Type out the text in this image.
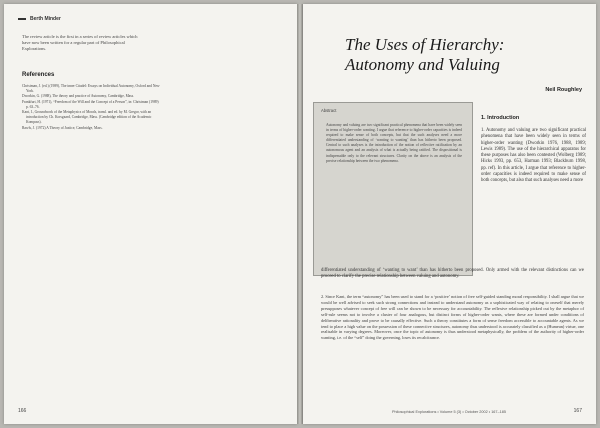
Berth Minder
The review article is the first in a series of review articles which have now been written for a regular part of Philosophical Explorations.
References
Christman, J. (ed.) (1989), The inner Citadel: Essays on Individual Autonomy, Oxford and New York.
Dworkin, G. (1988), The theory and practice of Autonomy, Cambridge, Mass.
Frankfurt, H. (1971), “Freedom of the Will and the Concept of a Person”, in: Christman (1989) p. 63–76.
Kant, I., Groundwork of the Metaphysics of Morals, transl. and ed. by M. Gregor, with an introduction by Ch. Korsgaard, Cambridge, Mass. (Cambridge edition of the Academic Kompass).
Rawls, J. (1972) A Theory of Justice, Cambridge, Mass.
166
The Uses of Hierarchy:
Autonomy and Valuing
Neil Roughley
Abstract
Autonomy and valuing are two significant practical phenomena that have been widely seen in terms of higher-order wanting. I argue that reference to higher-order capacities is indeed required to make sense of both concepts, but that the such analyses need a more differentiated understanding of ‘wanting to wanting’ than has hitherto been proposed. Central to such analyses is the introduction of the notion of reflective ratification by an autonomous agent and an analysis of what is actually being ratified. The dispositional is indispensable only to the relevant structures. Clarity on the above is an analysis of the precise relationship between the two phenomena.
1. Introduction
1. Autonomy and valuing are two significant practical phenomena that have been widely seen in terms of higher-order wanting (Dworkin 1976, 1988, 1989; Lewis 1989). The use of the hierarchical apparatus for these purposes has also been contested (Wolberg 1989; Hicks 1993, pp. 653, Harman 1993; Blackburn 1998, pp. ref). In this article, I argue that reference to higher-order capacities is indeed required to make sense of both concepts, but also that such analyses need a more
differentiated understanding of ‘wanting to want’ than has hitherto been proposed. Only armed with the relevant distinctions can we proceed to clarify the precise relationship between valuing and autonomy.
2. Since Kant, the term “autonomy” has been used to stand for a ‘positive’ notion of free self-guided standing moral responsibility. I shall argue that we would be well advised to seek such strong connections and instead to understand autonomy as a sophisticated way of relating to oneself that merely presupposes whatever concept of free will can be shown to be necessary for accountability. The reflexive relationship picked out by the metaphor of self-rule seems not to involve a cluster of four analogous, but distinct forms of higher-order wants, where these are formed under conditions of deliberative rationality and prove to be causally effective. Such a theory constitutes a form of sense freedom accessible to accountable agents. As we tend to place a high value on the possession of these connective structures, autonomy thus understood is accurately classified as a (Humean) virtue, one realisable in varying degrees. Moreover, once the topic of autonomy is thus understood metaphysically, the problem of the authority of higher-order wanting, i.e. of the “self” doing the governing, loses its recalcitrance.
Philosophical Explorations • Volume 5 (3) • October 2002 • 167–185	167
